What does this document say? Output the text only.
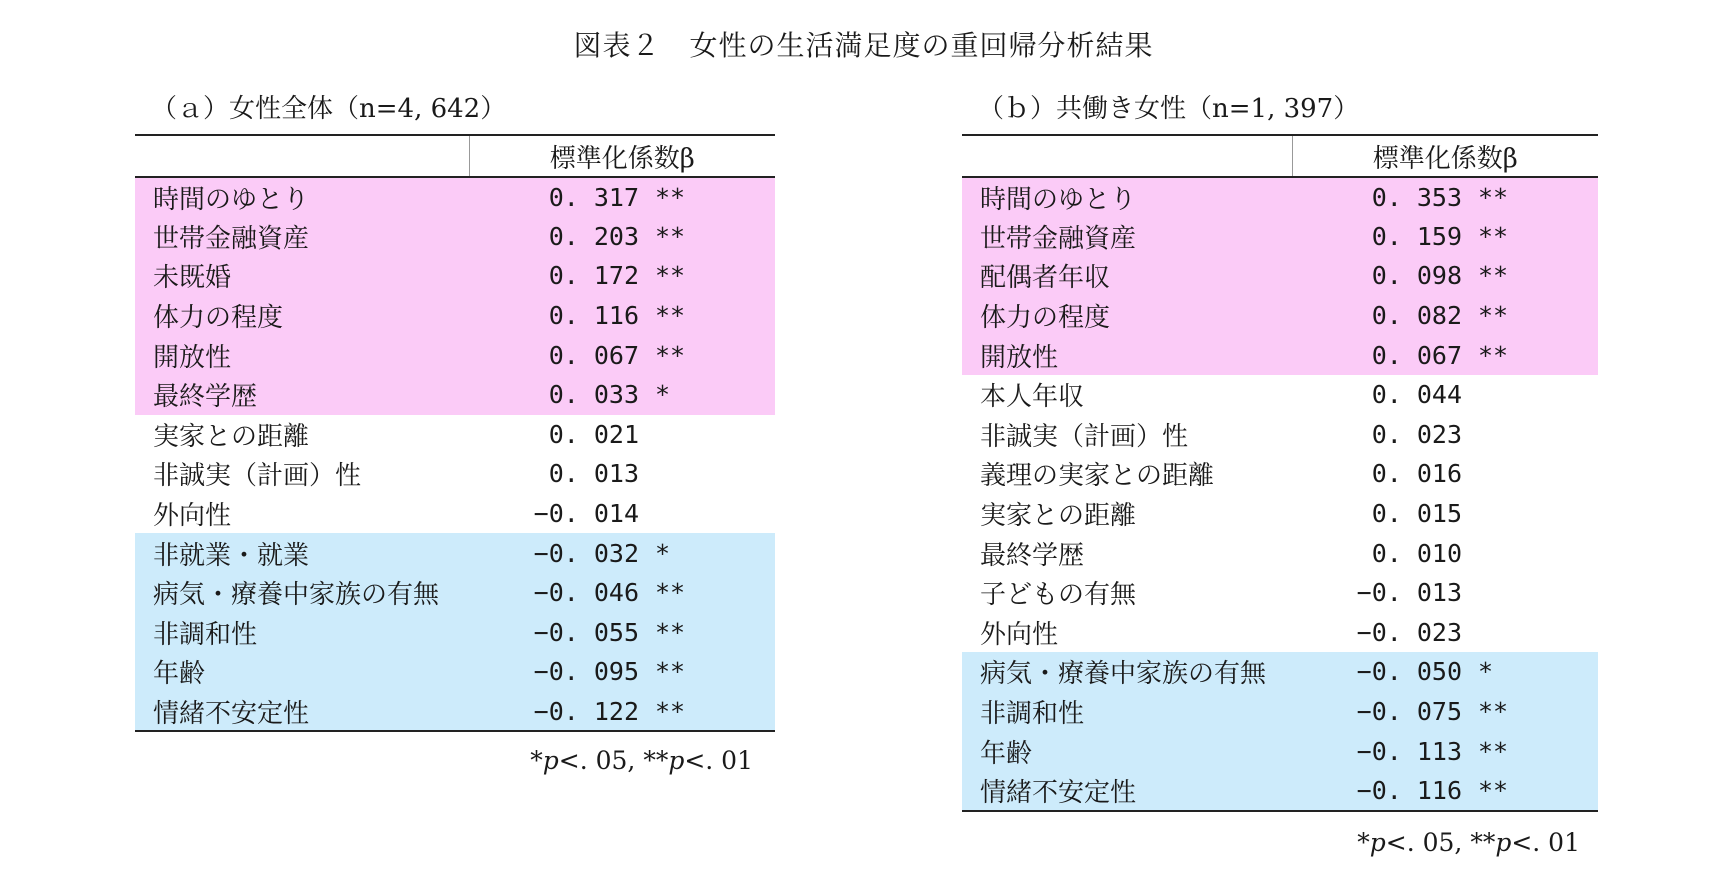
図表２　女性の生活満足度の重回帰分析結果
（ａ）女性全体（n=4, 642）
	標準化係数β	
時間のゆとり	0. 317	**
世帯金融資産	0. 203	**
未既婚	0. 172	**
体力の程度	0. 116	**
開放性	0. 067	**
最終学歴	0. 033	*
実家との距離	0. 021	
非誠実（計画）性	0. 013	
外向性	−0. 014	
非就業・就業	−0. 032	*
病気・療養中家族の有無	−0. 046	**
非調和性	−0. 055	**
年齢	−0. 095	**
情緒不安定性	−0. 122	**
*p<. 05, **p<. 01
（ｂ）共働き女性（n=1, 397）
	標準化係数β	
時間のゆとり	0. 353	**
世帯金融資産	0. 159	**
配偶者年収	0. 098	**
体力の程度	0. 082	**
開放性	0. 067	**
本人年収	0. 044	
非誠実（計画）性	0. 023	
義理の実家との距離	0. 016	
実家との距離	0. 015	
最終学歴	0. 010	
子どもの有無	−0. 013	
外向性	−0. 023	
病気・療養中家族の有無	−0. 050	*
非調和性	−0. 075	**
年齢	−0. 113	**
情緒不安定性	−0. 116	**
*p<. 05, **p<. 01
